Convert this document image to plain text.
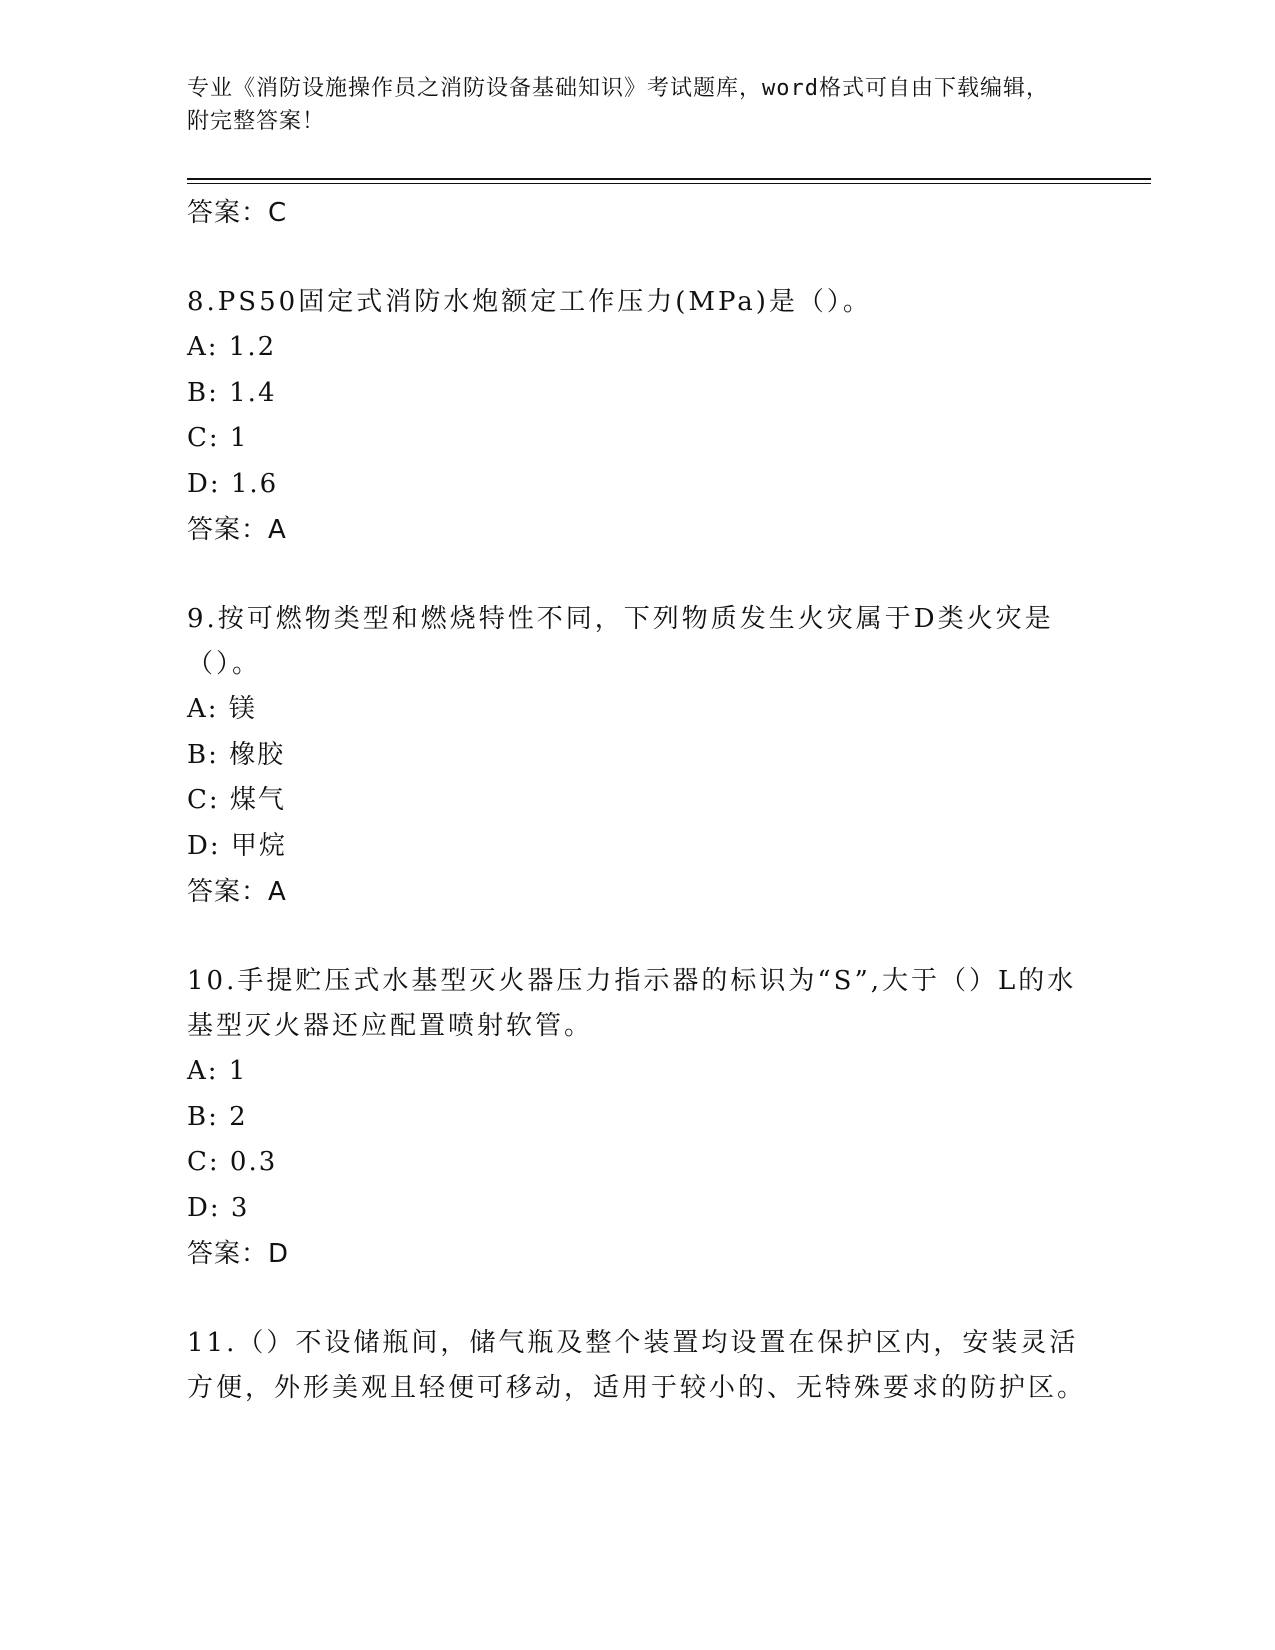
专业《消防设施操作员之消防设备基础知识》考试题库，word格式可自由下载编辑，附完整答案！
答案：C
8.PS50固定式消防水炮额定工作压力(MPa)是（）。
A: 1.2
B: 1.4
C: 1
D: 1.6
答案：A
9.按可燃物类型和燃烧特性不同，下列物质发生火灾属于D类火灾是（）。
A: 镁
B: 橡胶
C: 煤气
D: 甲烷
答案：A
10.手提贮压式水基型灭火器压力指示器的标识为“S”,大于（）L的水基型灭火器还应配置喷射软管。
A: 1
B: 2
C: 0.3
D: 3
答案：D
11.（）不设储瓶间，储气瓶及整个装置均设置在保护区内，安装灵活方便，外形美观且轻便可移动，适用于较小的、无特殊要求的防护区。
